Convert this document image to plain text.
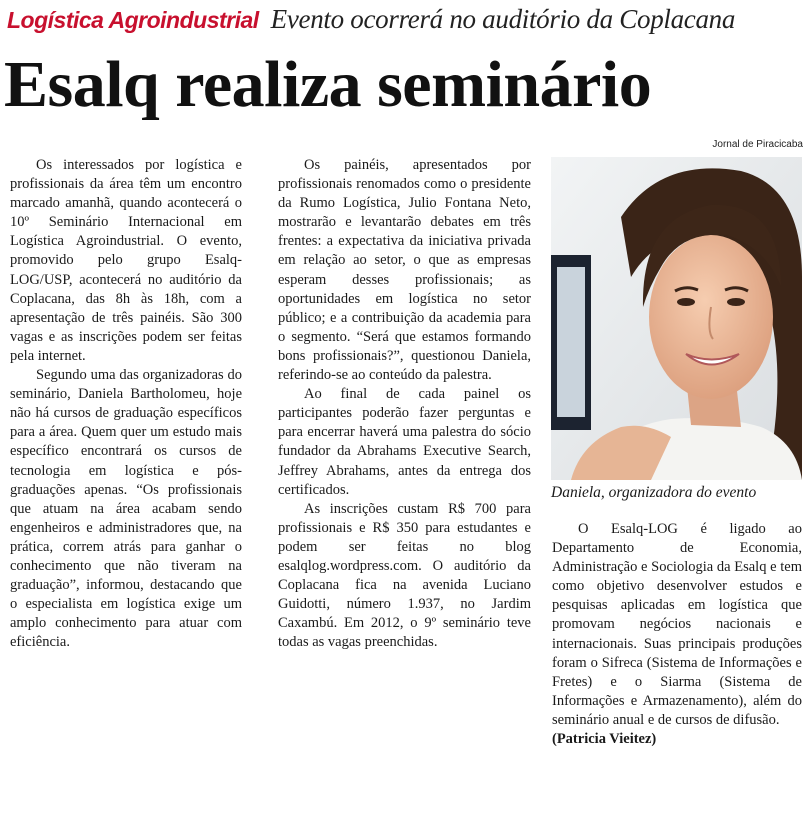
Logística Agroindustrial Evento ocorrerá no auditório da Coplacana
Esalq realiza seminário
Jornal de Piracicaba

Os interessados por logística e profissionais da área têm um encontro marcado amanhã, quando acontecerá o 10º Seminário Internacional em Logística Agroindustrial. O evento, promovido pelo grupo Esalq-LOG/USP, acontecerá no auditório da Coplacana, das 8h às 18h, com a apresentação de três painéis. São 300 vagas e as inscrições podem ser feitas pela internet.

Segundo uma das organizadoras do seminário, Daniela Bartholomeu, hoje não há cursos de graduação específicos para a área. Quem quer um estudo mais específico encontrará os cursos de tecnologia em logística e pós-graduações apenas. “Os profissionais que atuam na área acabam sendo engenheiros e administradores que, na prática, correm atrás para ganhar o conhecimento que não tiveram na graduação”, informou, destacando que o especialista em logística exige um amplo conhecimento para atuar com eficiência.

Os painéis, apresentados por profissionais renomados como o presidente da Rumo Logística, Julio Fontana Neto, mostrarão e levantarão debates em três frentes: a expectativa da iniciativa privada em relação ao setor, o que as empresas esperam desses profissionais; as oportunidades em logística no setor público; e a contribuição da academia para o segmento. “Será que estamos formando bons profissionais?”, questionou Daniela, referindo-se ao conteúdo da palestra.

Ao final de cada painel os participantes poderão fazer perguntas e para encerrar haverá uma palestra do sócio fundador da Abrahams Executive Search, Jeffrey Abrahams, antes da entrega dos certificados.

As inscrições custam R$ 700 para profissionais e R$ 350 para estudantes e podem ser feitas no blog esalqlog.wordpress.com. O auditório da Coplacana fica na avenida Luciano Guidotti, número 1.937, no Jardim Caxambú. Em 2012, o 9º seminário teve todas as vagas preenchidas.

Daniela, organizadora do evento

O Esalq-LOG é ligado ao Departamento de Economia, Administração e Sociologia da Esalq e tem como objetivo desenvolver estudos e pesquisas aplicadas em logística que promovam negócios nacionais e internacionais. Suas principais produções foram o Sifreca (Sistema de Informações e Fretes) e o Siarma (Sistema de Informações e Armazenamento), além do seminário anual e de cursos de difusão.

(Patricia Vieitez)
